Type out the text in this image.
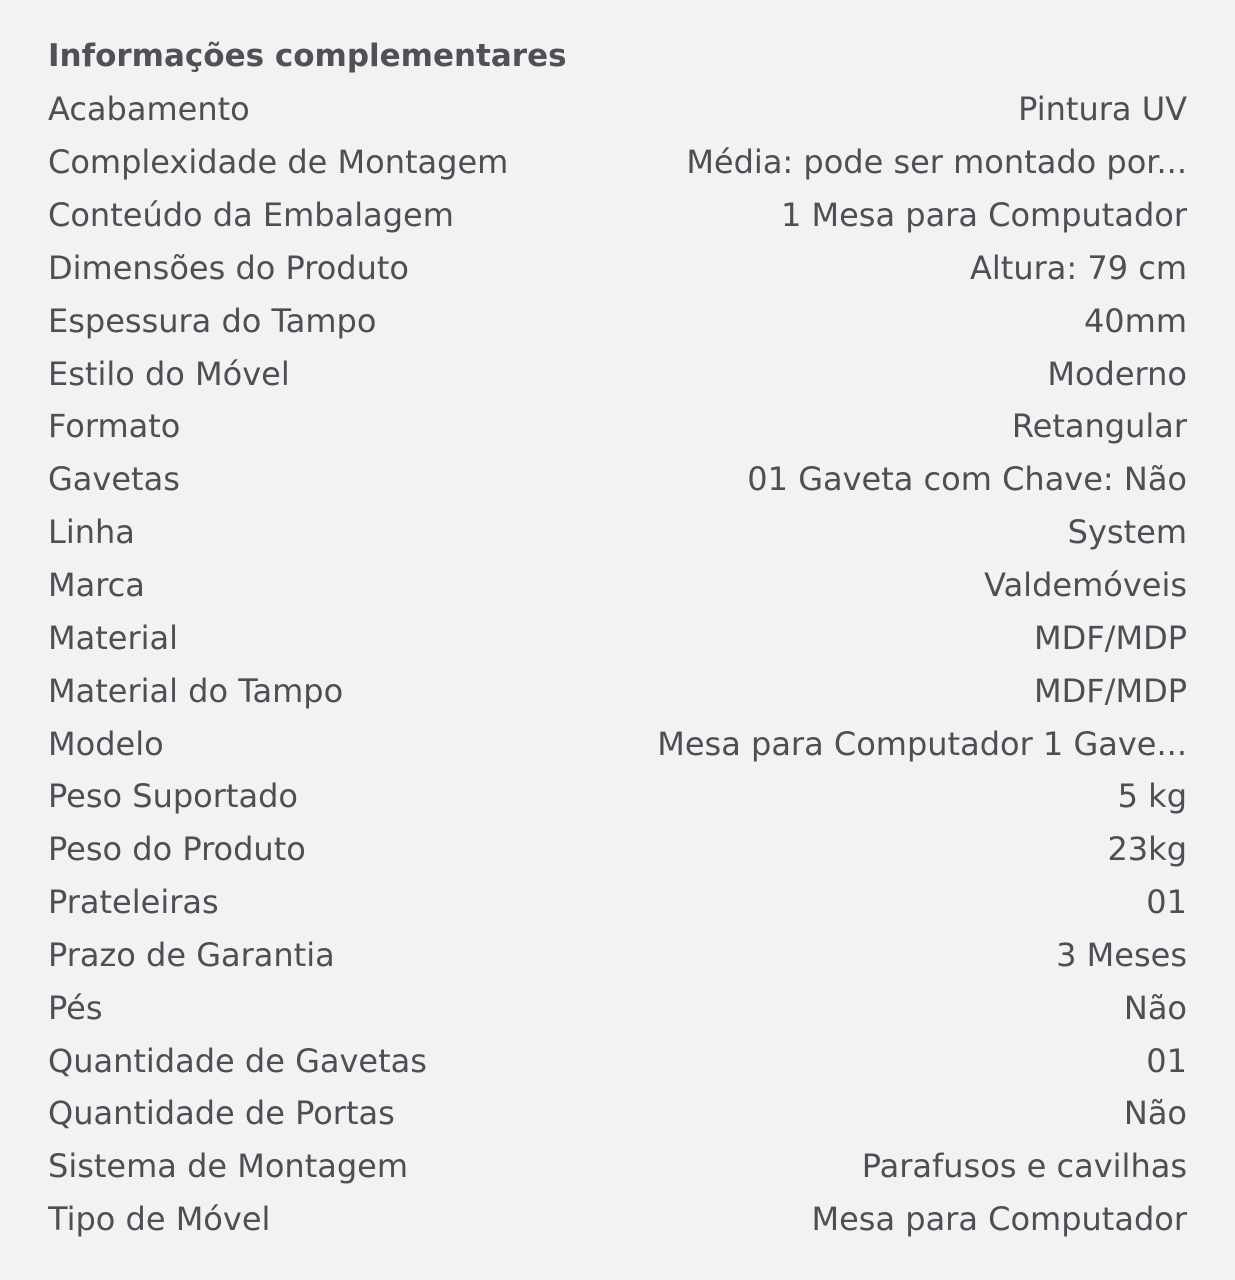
Informações complementares
Acabamento	Pintura UV
Complexidade de Montagem	Média: pode ser montado por...
Conteúdo da Embalagem	1 Mesa para Computador
Dimensões do Produto	Altura: 79 cm
Espessura do Tampo	40mm
Estilo do Móvel	Moderno
Formato	Retangular
Gavetas	01 Gaveta com Chave: Não
Linha	System
Marca	Valdemóveis
Material	MDF/MDP
Material do Tampo	MDF/MDP
Modelo	Mesa para Computador 1 Gave...
Peso Suportado	5 kg
Peso do Produto	23kg
Prateleiras	01
Prazo de Garantia	3 Meses
Pés	Não
Quantidade de Gavetas	01
Quantidade de Portas	Não
Sistema de Montagem	Parafusos e cavilhas
Tipo de Móvel	Mesa para Computador
